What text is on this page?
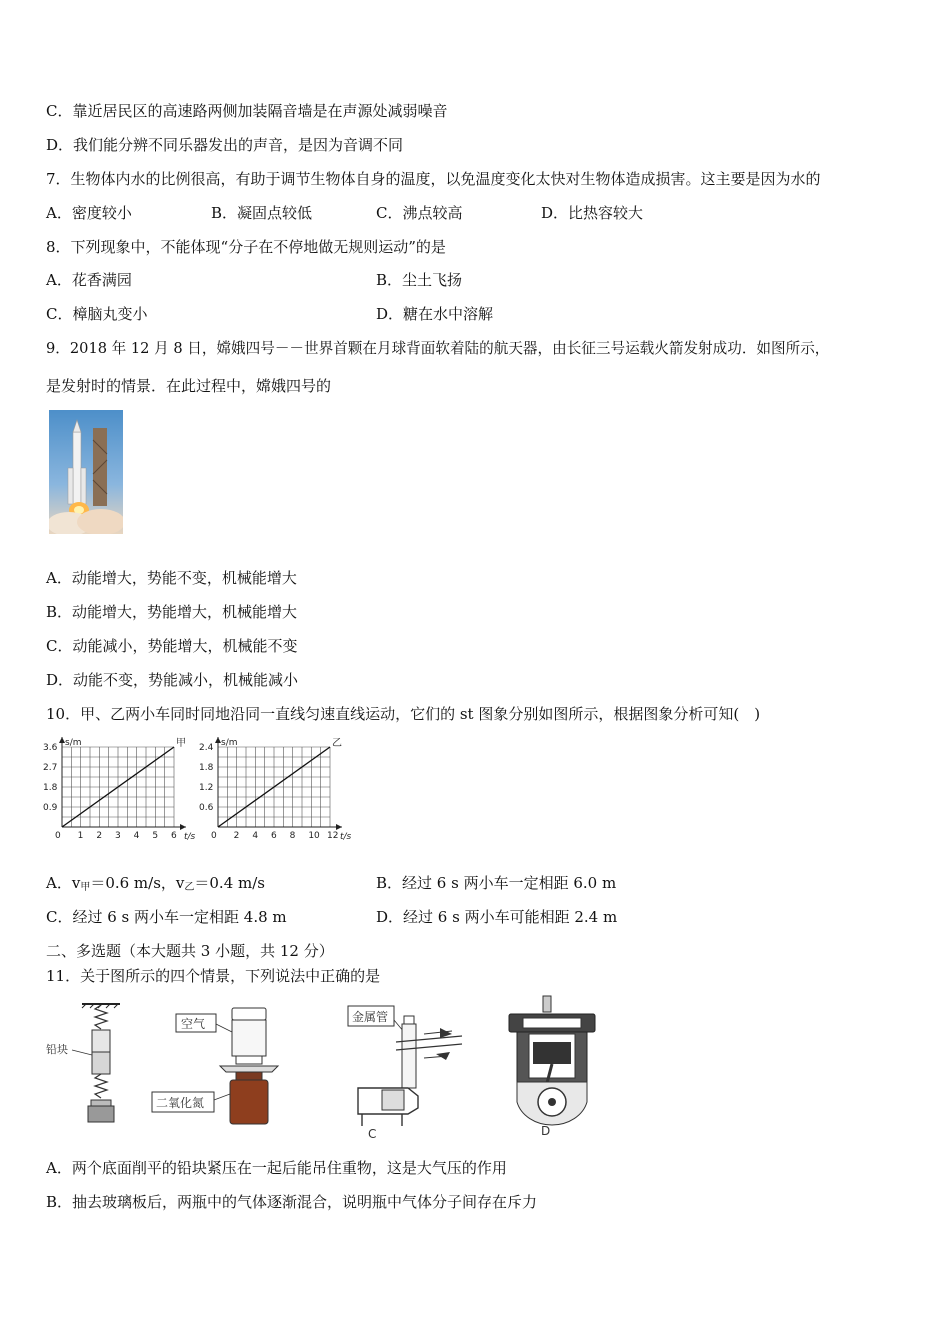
C．靠近居民区的高速路两侧加装隔音墙是在声源处减弱噪音
D．我们能分辨不同乐器发出的声音，是因为音调不同
7．生物体内水的比例很高，有助于调节生物体自身的温度，以免温度变化太快对生物体造成损害。这主要是因为水的
A．密度较小	B．凝固点较低	C．沸点较高	D．比热容较大
8．下列现象中，不能体现“分子在不停地做无规则运动”的是
A．花香满园	B．尘土飞扬
C．樟脑丸变小	D．糖在水中溶解
9．2018 年 12 月 8 日，嫦娥四号－－世界首颗在月球背面软着陆的航天器，由长征三号运载火箭发射成功．如图所示，
是发射时的情景．在此过程中，嫦娥四号的
A．动能增大，势能不变，机械能增大
B．动能增大，势能增大，机械能增大
C．动能减小，势能增大，机械能不变
D．动能不变，势能减小，机械能减小
10．甲、乙两小车同时同地沿同一直线匀速直线运动，它们的 st 图象分别如图所示，根据图象分析可知(　)
s/m
t/s
0 1 2 3 4 5 6
0.9
1.8
2.7
3.6	甲	s/m
t/s
0 2 4 6 8 10 12
0.6
1.2
1.8
2.4	乙
A．$v_甲=0.6$ m/s，$v_乙=0.4$ m/s	B．经过 6 s 两小车一定相距 6.0 m
C．经过 6 s 两小车一定相距 4.8 m	D．经过 6 s 两小车可能相距 2.4 m
二、多选题（本大题共 3 小题，共 12 分）
11．关于图所示的四个情景，下列说法中正确的是
铅块
空气
二氧化氮
金属管
C	D
A．两个底面削平的铅块紧压在一起后能吊住重物，这是大气压的作用
B．抽去玻璃板后，两瓶中的气体逐渐混合，说明瓶中气体分子间存在斥力
